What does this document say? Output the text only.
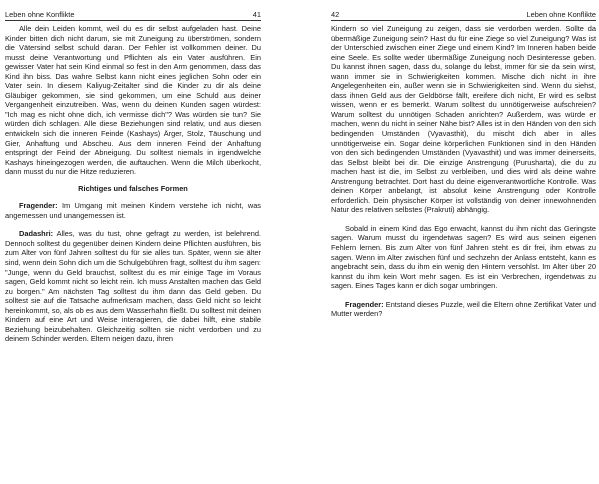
Leben ohne Konflikte	41

Alle dein Leiden kommt, weil du es dir selbst aufgeladen hast. Deine Kinder bitten dich nicht darum, sie mit Zuneigung zu überströmen, sondern die Vätersind selbst schuld daran. Der Fehler ist vollkommen deiner. Du musst deine Verantwortung und Pflichten als ein Vater ausführen. Ein gewisser Vater hat sein Kind einmal so fest in den Arm genommen, dass das Kind ihn biss. Das wahre Selbst kann nicht eines jeglichen Sohn oder ein Vater sein. In diesem Kaliyug-Zeitalter sind die Kinder zu dir als deine Gläubiger gekommen, sie sind gekommen, um eine Schuld aus deiner Vergangenheit einzutreiben. Was, wenn du deinen Kunden sagen würdest: "Ich mag es nicht ohne dich, ich vermisse dich"? Was würden sie tun? Sie würden dich schlagen. Alle diese Beziehungen sind relativ, und aus diesen entwickeln sich die inneren Feinde (Kashays) Ärger, Stolz, Täuschung und Gier, Anhaftung und Abscheu. Aus dem inneren Feind der Anhaftung entspringt der Feind der Abneigung. Du solltest niemals in irgendwelche Kashays hineingezogen werden, die auftauchen. Wenn die Milch überkocht, dann musst du nur die Hitze reduzieren.

Richtiges und falsches Formen

Fragender: Im Umgang mit meinen Kindern verstehe ich nicht, was angemessen und unangemessen ist.

Dadashri: Alles, was du tust, ohne gefragt zu werden, ist belehrend. Dennoch solltest du gegenüber deinen Kindern deine Pflichten ausführen, bis zum Alter von fünf Jahren solltest du für sie alles tun. Später, wenn sie älter sind, wenn dein Sohn dich um die Schulgebühren fragt, solltest du ihm sagen: "Junge, wenn du Geld brauchst, solltest du es mir einige Tage im Voraus sagen, Geld kommt nicht so leicht rein. Ich muss Anstalten machen das Geld zu borgen." Am nächsten Tag solltest du ihm dann das Geld geben. Du solltest sie auf die Tatsache aufmerksam machen, dass Geld nicht so leicht hereinkommt, so, als ob es aus dem Wasserhahn fließt. Du solltest mit deinen Kindern auf eine Art und Weise interagieren, die dabei hilft, eine stabile Beziehung beizubehalten. Gleichzeitig sollten sie nicht verdorben und zu deinem Schinder werden. Eltern neigen dazu, ihren

42	Leben ohne Konflikte

Kindern so viel Zuneigung zu zeigen, dass sie verdorben werden. Sollte da übermäßige Zuneigung sein? Hast du für eine Ziege so viel Zuneigung? Was ist der Unterschied zwischen einer Ziege und einem Kind? Im Inneren haben beide eine Seele. Es sollte weder übermäßige Zuneigung noch Desinteresse geben. Du kannst ihnen sagen, dass du, solange du lebst, immer für sie da sein wirst, wann immer sie in Schwierigkeiten kommen. Mische dich nicht in ihre Angelegenheiten ein, außer wenn sie in Schwierigkeiten sind. Wenn du siehst, dass ihnen Geld aus der Geldbörse fällt, ereifere dich nicht, Er wird es selbst wissen, wenn er es bemerkt. Warum solltest du unnötigerweise aufschreien? Warum solltest du unnötigen Schaden anrichten? Außerdem, was würde er machen, wenn du nicht in seiner Nähe bist? Alles ist in den Händen von den sich bedingenden Umständen (Vyavasthit), du mischt dich aber in alles unnötigerweise ein. Sogar deine körperlichen Funktionen sind in den Händen von den sich bedingenden Umständen (Vyavasthit) und was immer deinerseits, das Selbst bleibt bei dir. Die einzige Anstrengung (Purusharta), die du zu machen hast ist die, im Selbst zu verbleiben, und dies wird als deine wahre Anstrengung betrachtet. Dort hast du deine eigenverantwortliche Kontrolle. Was deinen Körper anbelangt, ist absolut keine Anstrengung oder Kontrolle erforderlich. Dein physischer Körper ist vollständig von deiner innewohnenden Natur des relativen selbstes (Prakruti) abhängig.

Sobald in einem Kind das Ego erwacht, kannst du ihm nicht das Geringste sagen. Warum musst du irgendetwas sagen? Es wird aus seinen eigenen Fehlern lernen. Bis zum Alter von fünf Jahren steht es dir frei, ihm etwas zu sagen. Wenn im Alter zwischen fünf und sechzehn der Anlass entsteht, kann es angebracht sein, dass du ihm ein wenig den Hintern versohlst. Im Alter über 20 kannst du ihm kein Wort mehr sagen. Es ist ein Verbrechen, irgendetwas zu sagen. Eines Tages kann er dich sogar umbringen.

Fragender: Entstand dieses Puzzle, weil die Eltern ohne Zertifikat Vater und Mutter werden?
